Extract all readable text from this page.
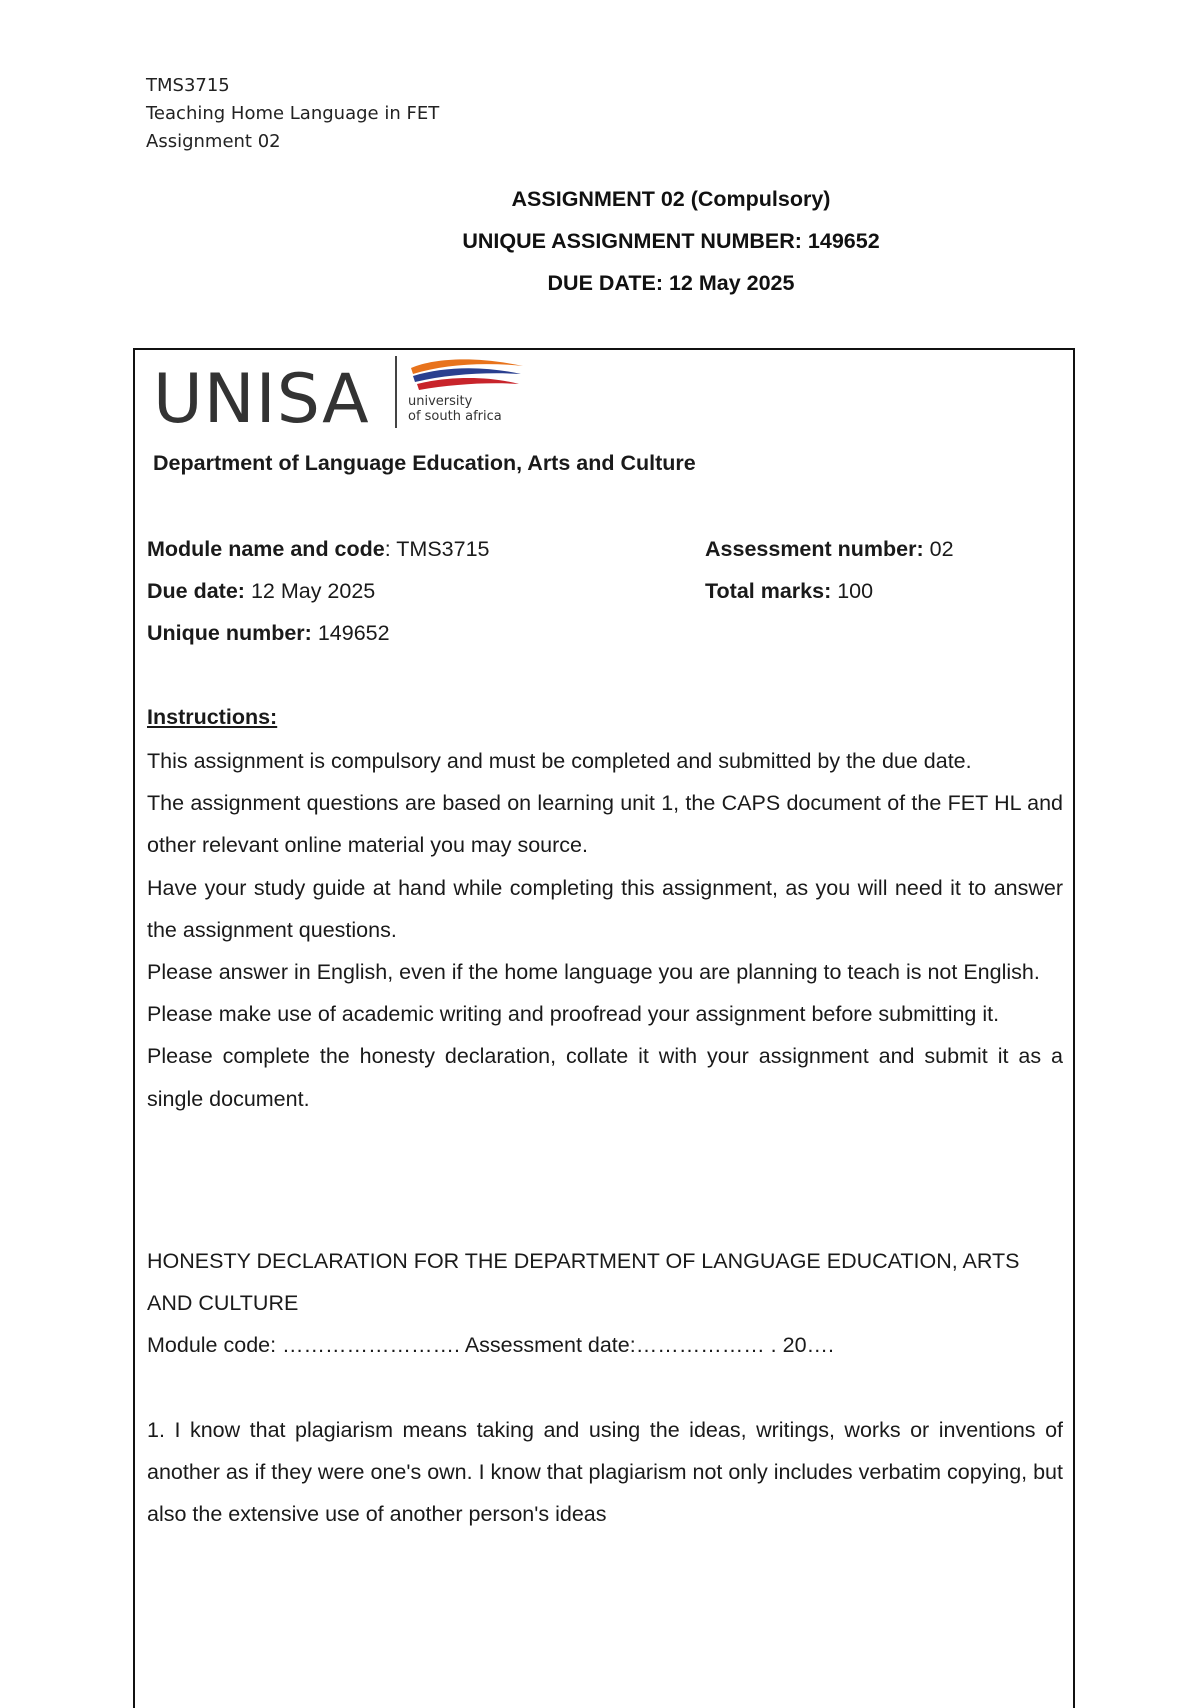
TMS3715
Teaching Home Language in FET
Assignment 02
ASSIGNMENT 02 (Compulsory)
UNIQUE ASSIGNMENT NUMBER: 149652
DUE DATE: 12 May 2025
UNISA	university
of south africa
Department of Language Education, Arts and Culture
Module name and code: TMS3715	Assessment number: 02
Due date: 12 May 2025	Total marks: 100
Unique number: 149652
Instructions:

This assignment is compulsory and must be completed and submitted by the due date.

The assignment questions are based on learning unit 1, the CAPS document of the FET HL and other relevant online material you may source.

Have your study guide at hand while completing this assignment, as you will need it to answer the assignment questions.

Please answer in English, even if the home language you are planning to teach is not English.

Please make use of academic writing and proofread your assignment before submitting it.

Please complete the honesty declaration, collate it with your assignment and submit it as a single document.

HONESTY DECLARATION FOR THE DEPARTMENT OF LANGUAGE EDUCATION, ARTS AND CULTURE

Module code: ……………………. Assessment date:……………… . 20….

1. I know that plagiarism means taking and using the ideas, writings, works or inventions of another as if they were one's own. I know that plagiarism not only includes verbatim copying, but also the extensive use of another person's ideas
